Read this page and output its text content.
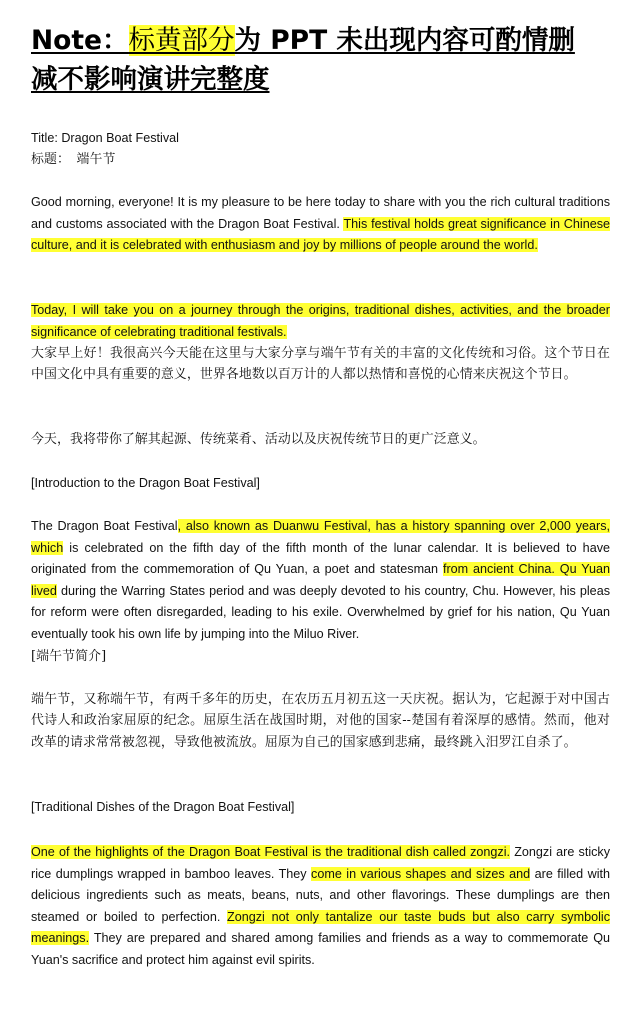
Note：标黄部分为 PPT 未出现内容可酌情删
减不影响演讲完整度

Title: Dragon Boat Festival

标题：　端午节

Good morning, everyone! It is my pleasure to be here today to share with you the rich cultural traditions and customs associated with the Dragon Boat Festival. This festival holds great significance in Chinese culture, and it is celebrated with enthusiasm and joy by millions of people around the world.

Today, I will take you on a journey through the origins, traditional dishes, activities, and the broader significance of celebrating traditional festivals.

大家早上好！我很高兴今天能在这里与大家分享与端午节有关的丰富的文化传统和习俗。这个节日在中国文化中具有重要的意义，世界各地数以百万计的人都以热情和喜悦的心情来庆祝这个节日。

今天，我将带你了解其起源、传统菜肴、活动以及庆祝传统节日的更广泛意义。

[Introduction to the Dragon Boat Festival]

The Dragon Boat Festival, also known as Duanwu Festival, has a history spanning over 2,000 years, which is celebrated on the fifth day of the fifth month of the lunar calendar. It is believed to have originated from the commemoration of Qu Yuan, a poet and statesman from ancient China. Qu Yuan lived during the Warring States period and was deeply devoted to his country, Chu. However, his pleas for reform were often disregarded, leading to his exile. Overwhelmed by grief for his nation, Qu Yuan eventually took his own life by jumping into the Miluo River.

[端午节简介]

端午节，又称端午节，有两千多年的历史，在农历五月初五这一天庆祝。据认为，它起源于对中国古代诗人和政治家屈原的纪念。屈原生活在战国时期，对他的国家--楚国有着深厚的感情。然而，他对改革的请求常常被忽视，导致他被流放。屈原为自己的国家感到悲痛，最终跳入汨罗江自杀了。

[Traditional Dishes of the Dragon Boat Festival]

One of the highlights of the Dragon Boat Festival is the traditional dish called zongzi. Zongzi are sticky rice dumplings wrapped in bamboo leaves. They come in various shapes and sizes and are filled with delicious ingredients such as meats, beans, nuts, and other flavorings. These dumplings are then steamed or boiled to perfection. Zongzi not only tantalize our taste buds but also carry symbolic meanings. They are prepared and shared among families and friends as a way to commemorate Qu Yuan's sacrifice and protect him against evil spirits.
